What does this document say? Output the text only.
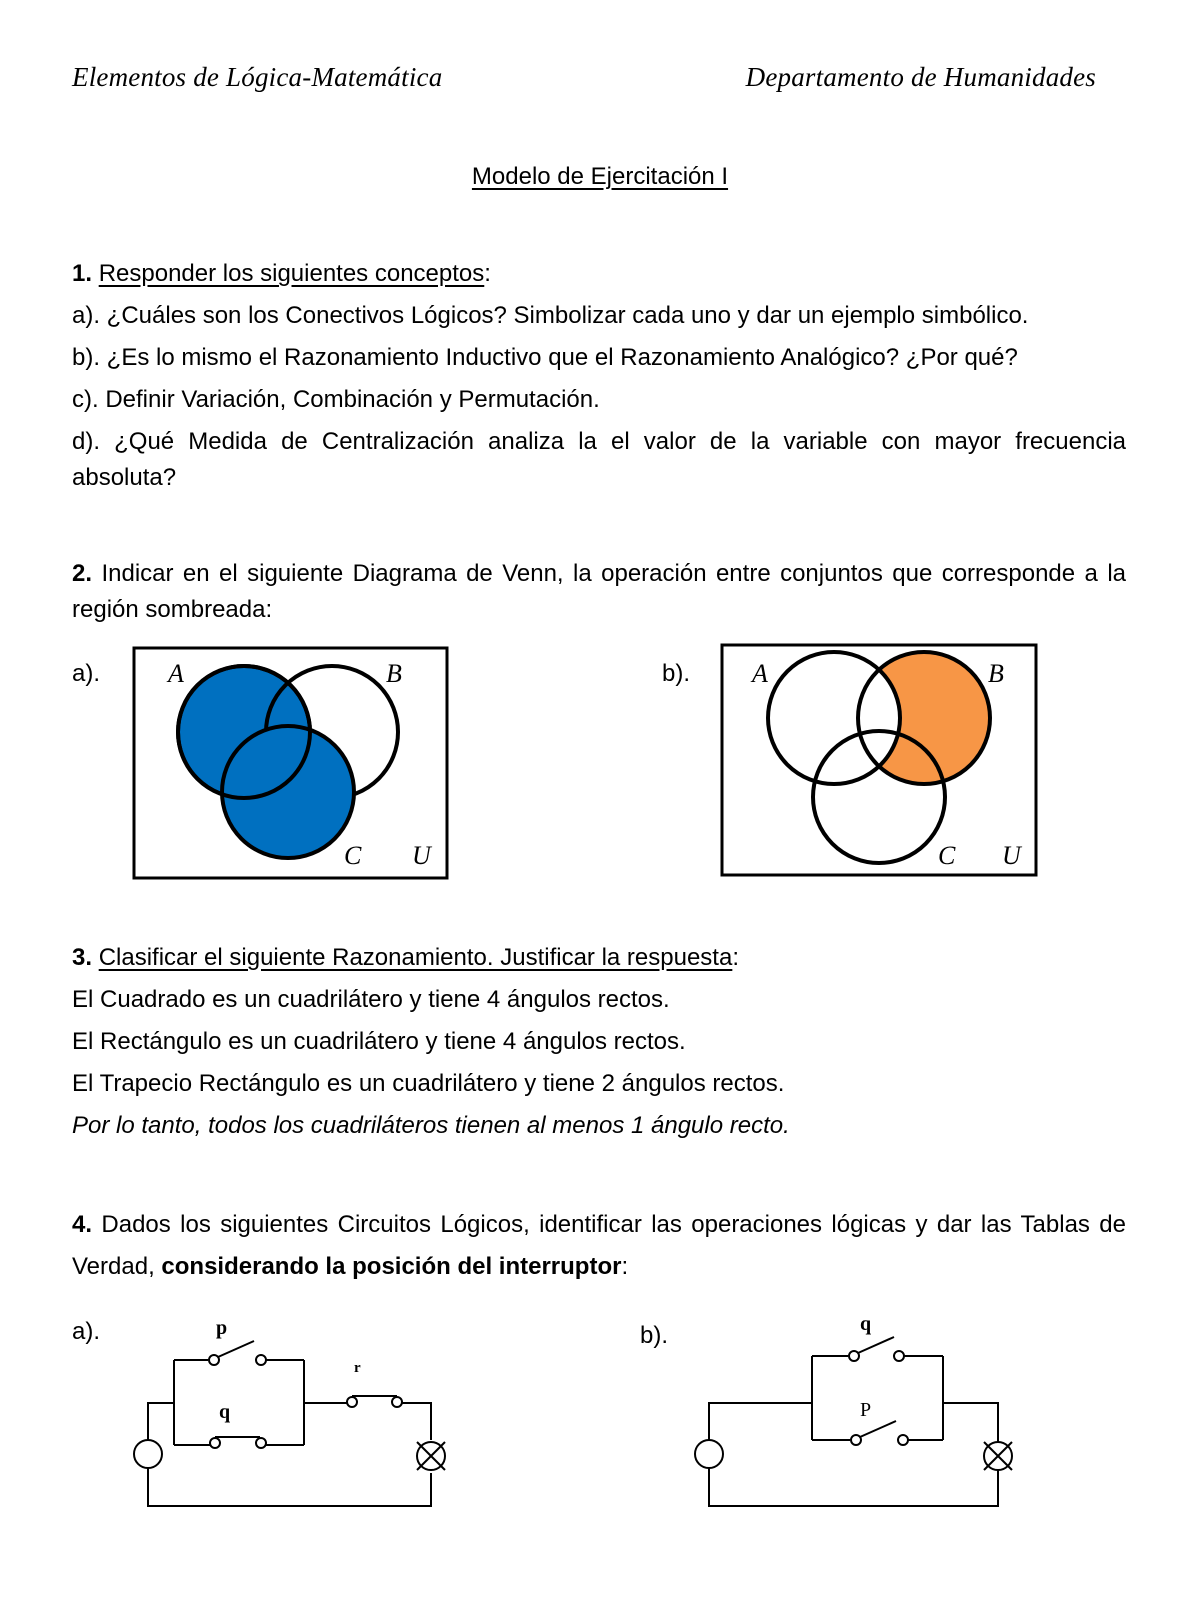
Elementos de Lógica-Matemática	Departamento de Humanidades
Modelo de Ejercitación I
1. Responder los siguientes conceptos:
a). ¿Cuáles son los Conectivos Lógicos? Simbolizar cada uno y dar un ejemplo simbólico.
b). ¿Es lo mismo el Razonamiento Inductivo que el Razonamiento Analógico? ¿Por qué?
c). Definir Variación, Combinación y Permutación.
d). ¿Qué Medida de Centralización analiza la el valor de la variable con mayor frecuencia absoluta?
2. Indicar en el siguiente Diagrama de Venn, la operación entre conjuntos que corresponde a la región sombreada:
a).	b).
A	B
C U
A	B
C U
3. Clasificar el siguiente Razonamiento. Justificar la respuesta:
El Cuadrado es un cuadrilátero y tiene 4 ángulos rectos.
El Rectángulo es un cuadrilátero y tiene 4 ángulos rectos.
El Trapecio Rectángulo es un cuadrilátero y tiene 2 ángulos rectos.
Por lo tanto, todos los cuadriláteros tienen al menos 1 ángulo recto.
4. Dados los siguientes Circuitos Lógicos, identificar las operaciones lógicas y dar las Tablas de Verdad, considerando la posición del interruptor:
a).	b).
p
q
r
q
P
